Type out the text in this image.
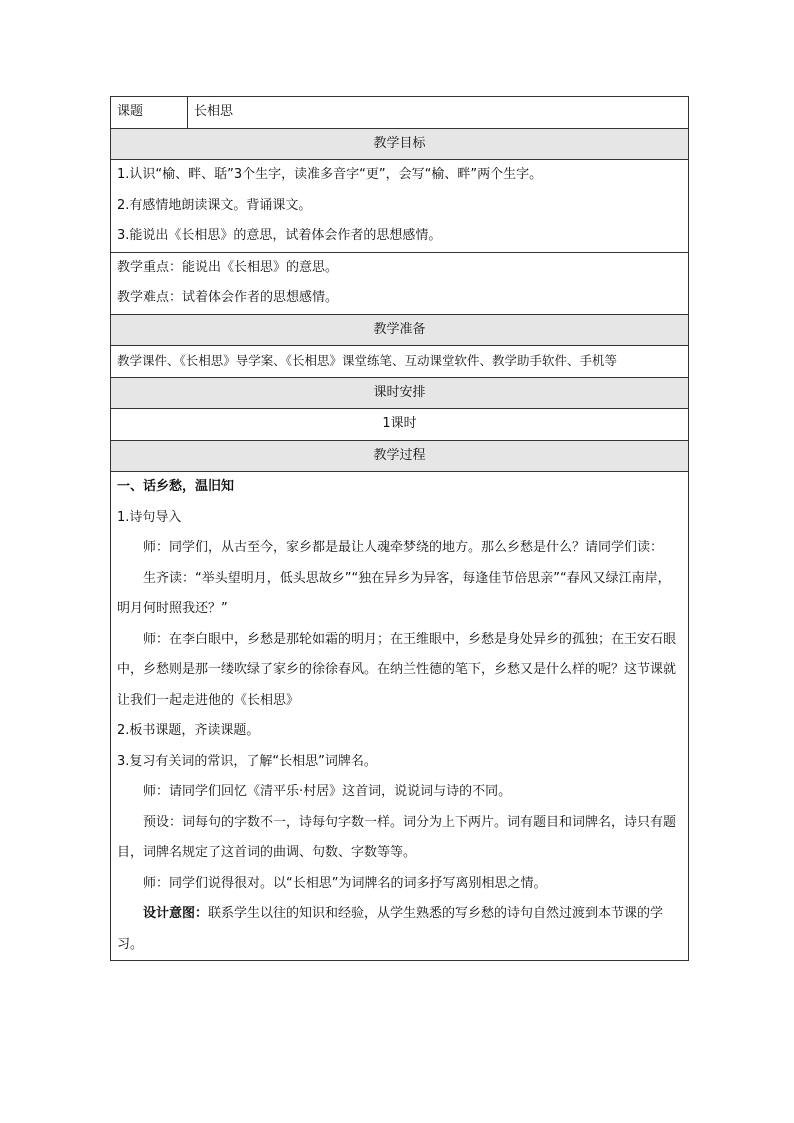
课题	长相思
教学目标

1.认识“榆、畔、聒”3个生字，读准多音字“更”，会写“榆、畔”两个生字。
2.有感情地朗读课文。背诵课文。
3.能说出《长相思》的意思，试着体会作者的思想感情。

教学重点：能说出《长相思》的意思。
教学难点：试着体会作者的思想感情。

教学准备

教学课件、《长相思》导学案、《长相思》课堂练笔、互动课堂软件、教学助手软件、手机等

课时安排
1课时
教学过程

一、话乡愁，温旧知
1.诗句导入
师：同学们，从古至今，家乡都是最让人魂牵梦绕的地方。那么乡愁是什么？请同学们读：
生齐读：“举头望明月，低头思故乡”“独在异乡为异客，每逢佳节倍思亲”“春风又绿江南岸，明月何时照我还？”
师：在李白眼中，乡愁是那轮如霜的明月；在王维眼中，乡愁是身处异乡的孤独；在王安石眼中，乡愁则是那一缕吹绿了家乡的徐徐春风。在纳兰性德的笔下，乡愁又是什么样的呢？这节课就让我们一起走进他的《长相思》
2.板书课题，齐读课题。
3.复习有关词的常识，了解“长相思”词牌名。
师：请同学们回忆《清平乐·村居》这首词，说说词与诗的不同。
预设：词每句的字数不一，诗每句字数一样。词分为上下两片。词有题目和词牌名，诗只有题目，词牌名规定了这首词的曲调、句数、字数等等。
师：同学们说得很对。以“长相思”为词牌名的词多抒写离别相思之情。
设计意图：联系学生以往的知识和经验，从学生熟悉的写乡愁的诗句自然过渡到本节课的学习。
